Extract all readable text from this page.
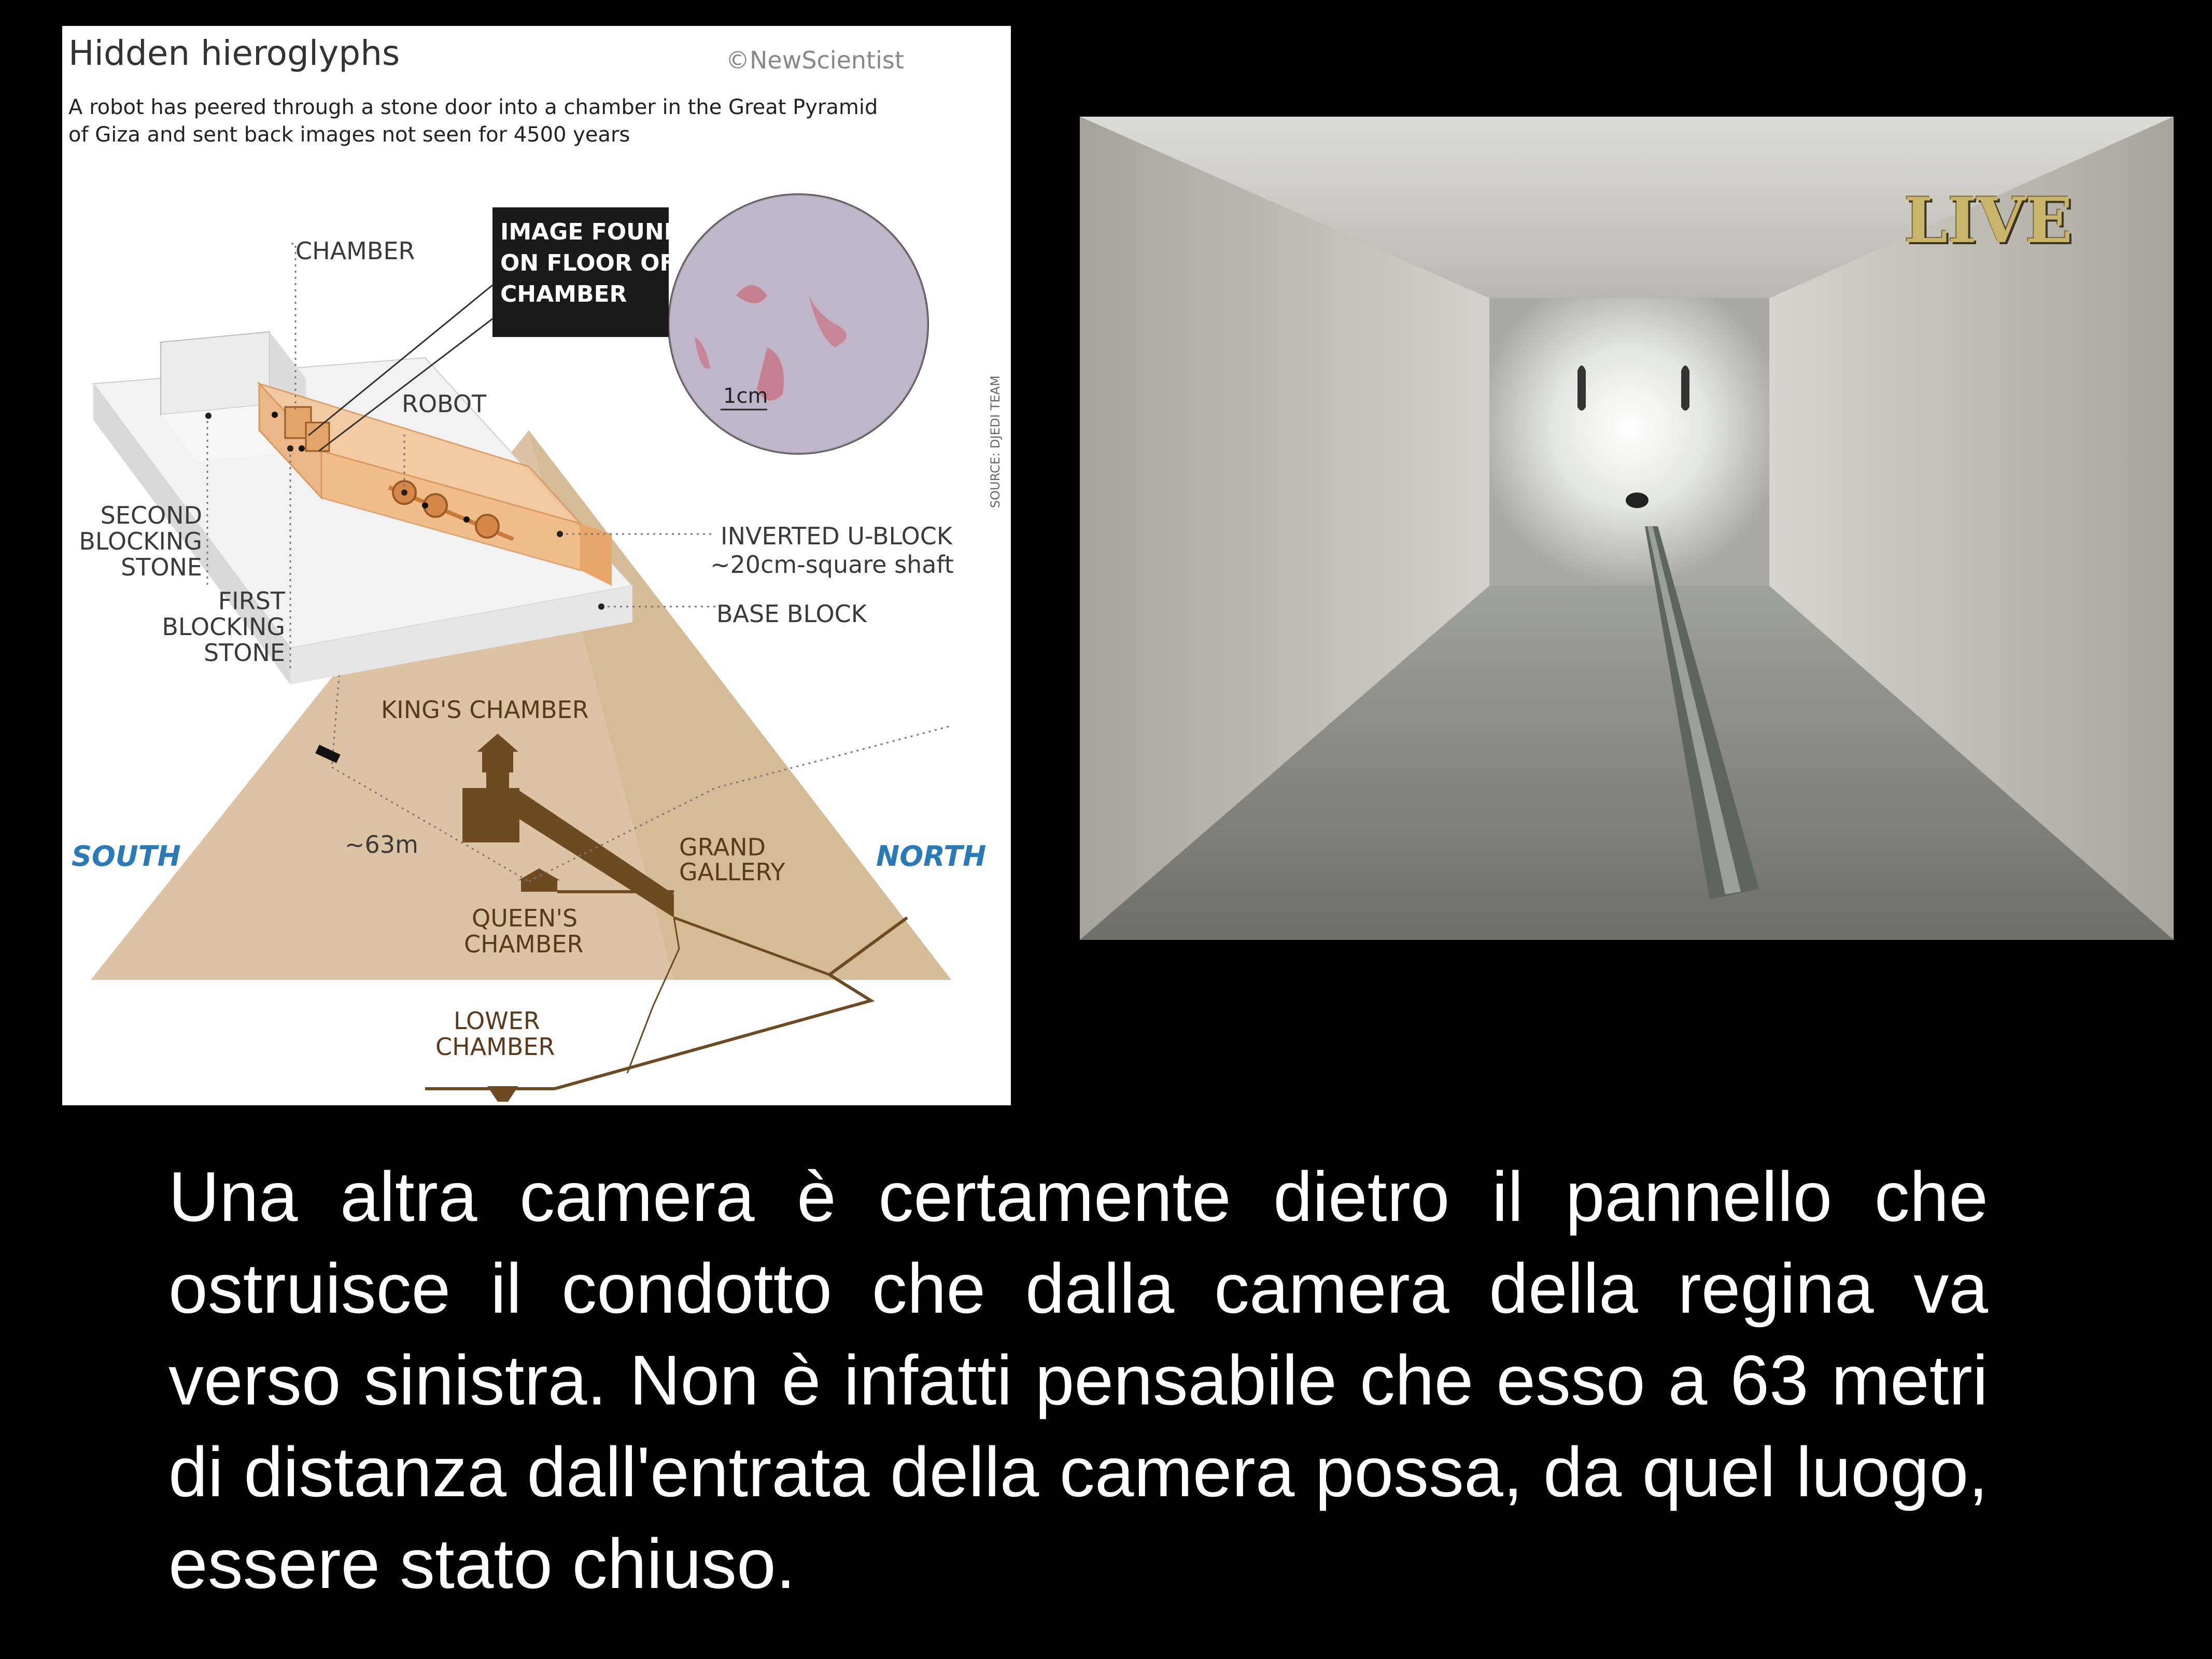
Hidden hieroglyphs	©NewScientist
A robot has peered through a stone door into a chamber in the Great Pyramid
of Giza and sent back images not seen for 4500 years
1cm
IMAGE FOUND
ON FLOOR OF
CHAMBER
SOURCE: DJEDI TEAM
CHAMBER
ROBOT
SECOND
BLOCKING
STONE
FIRST
BLOCKING
STONE
INVERTED U-BLOCK
~20cm-square shaft
BASE BLOCK
KING'S CHAMBER
~63m	GRAND
GALLERY
QUEEN'S
CHAMBER
LOWER
CHAMBER
SOUTH	NORTH
LIVE
Una altra camera è certamente dietro il pannello che ostruisce il condotto che dalla camera della regina va verso sinistra. Non è infatti pensabile che esso a 63 metri di distanza dall'entrata della camera possa, da quel luogo, essere stato chiuso.
